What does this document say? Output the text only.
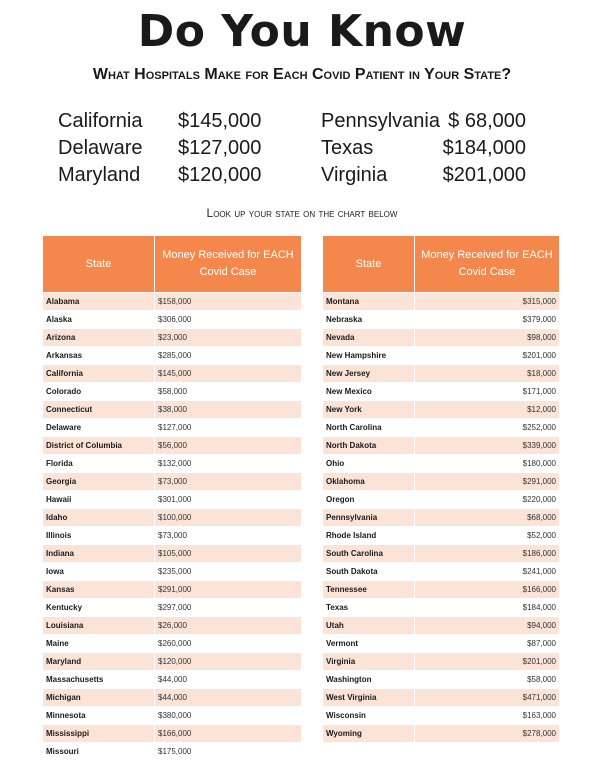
Do You Know
What Hospitals Make for Each Covid Patient in Your State?
California $145,000	Pennsylvania $ 68,000
Delaware $127,000	Texas	$184,000
Maryland $120,000	Virginia	$201,000
Look up your state on the chart below
State	Money Received for EACH Covid Case
Alabama	$158,000
Alaska	$306,000
Arizona	$23,000
Arkansas	$285,000
California	$145,000
Colorado	$58,000
Connecticut	$38,000
Delaware	$127,000
District of Columbia	$56,000
Florida	$132,000
Georgia	$73,000
Hawaii	$301,000
Idaho	$100,000
Illinois	$73,000
Indiana	$105,000
Iowa	$235,000
Kansas	$291,000
Kentucky	$297,000
Louisiana	$26,000
Maine	$260,000
Maryland	$120,000
Massachusetts	$44,000
Michigan	$44,000
Minnesota	$380,000
Mississippi	$166,000
Missouri	$175,000
State	Money Received for EACH Covid Case
Montana	$315,000
Nebraska	$379,000
Nevada	$98,000
New Hampshire	$201,000
New Jersey	$18,000
New Mexico	$171,000
New York	$12,000
North Carolina	$252,000
North Dakota	$339,000
Ohio	$180,000
Oklahoma	$291,000
Oregon	$220,000
Pennsylvania	$68,000
Rhode Island	$52,000
South Carolina	$186,000
South Dakota	$241,000
Tennessee	$166,000
Texas	$184,000
Utah	$94,000
Vermont	$87,000
Virginia	$201,000
Washington	$58,000
West Virginia	$471,000
Wisconsin	$163,000
Wyoming	$278,000
